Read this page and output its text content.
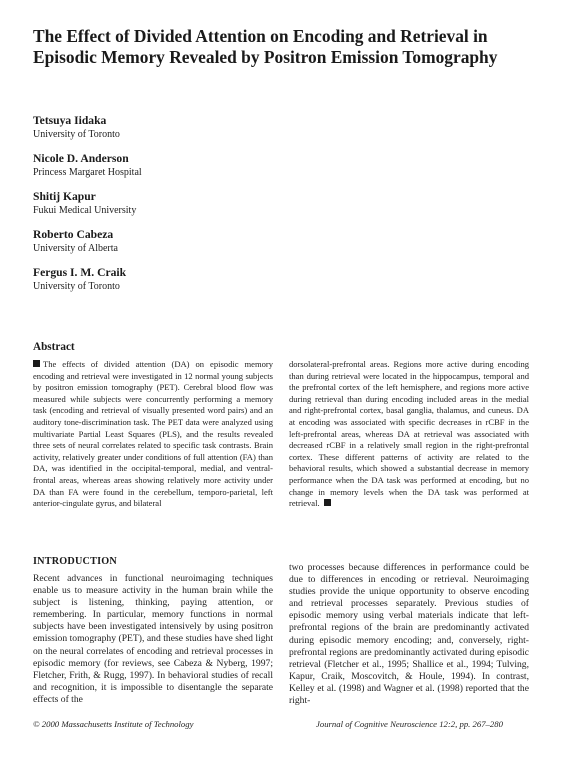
The Effect of Divided Attention on Encoding and Retrieval in Episodic Memory Revealed by Positron Emission Tomography
Tetsuya Iidaka
University of Toronto
Nicole D. Anderson
Princess Margaret Hospital
Shitij Kapur
Fukui Medical University
Roberto Cabeza
University of Alberta
Fergus I. M. Craik
University of Toronto
Abstract
The effects of divided attention (DA) on episodic memory encoding and retrieval were investigated in 12 normal young subjects by positron emission tomography (PET). Cerebral blood flow was measured while subjects were concurrently performing a memory task (encoding and retrieval of visually presented word pairs) and an auditory tone-discrimination task. The PET data were analyzed using multivariate Partial Least Squares (PLS), and the results revealed three sets of neural correlates related to specific task contrasts. Brain activity, relatively greater under conditions of full attention (FA) than DA, was identified in the occipital-temporal, medial, and ventral-frontal areas, whereas areas showing relatively more activity under DA than FA were found in the cerebellum, temporo-parietal, left anterior-cingulate gyrus, and bilateral
dorsolateral-prefrontal areas. Regions more active during encoding than during retrieval were located in the hippocampus, temporal and the prefrontal cortex of the left hemisphere, and regions more active during retrieval than during encoding included areas in the medial and right-prefrontal cortex, basal ganglia, thalamus, and cuneus. DA at encoding was associated with specific decreases in rCBF in the left-prefrontal areas, whereas DA at retrieval was associated with decreased rCBF in a relatively small region in the right-prefrontal cortex. These different patterns of activity are related to the behavioral results, which showed a substantial decrease in memory performance when the DA task was performed at encoding, but no change in memory levels when the DA task was performed at retrieval.
INTRODUCTION
Recent advances in functional neuroimaging techniques enable us to measure activity in the human brain while the subject is listening, thinking, paying attention, or remembering. In particular, memory functions in normal subjects have been investigated intensively by using positron emission tomography (PET), and these studies have shed light on the neural correlates of encoding and retrieval processes in episodic memory (for reviews, see Cabeza & Nyberg, 1997; Fletcher, Frith, & Rugg, 1997). In behavioral studies of recall and recognition, it is impossible to disentangle the separate effects of the
two processes because differences in performance could be due to differences in encoding or retrieval. Neuroimaging studies provide the unique opportunity to observe encoding and retrieval processes separately. Previous studies of episodic memory using verbal materials indicate that left-prefrontal regions of the brain are predominantly activated during episodic memory encoding; and, conversely, right-prefrontal regions are predominantly activated during episodic retrieval (Fletcher et al., 1995; Shallice et al., 1994; Tulving, Kapur, Craik, Moscovitch, & Houle, 1994). In contrast, Kelley et al. (1998) and Wagner et al. (1998) reported that the right-
© 2000 Massachusetts Institute of Technology	Journal of Cognitive Neuroscience 12:2, pp. 267–280
